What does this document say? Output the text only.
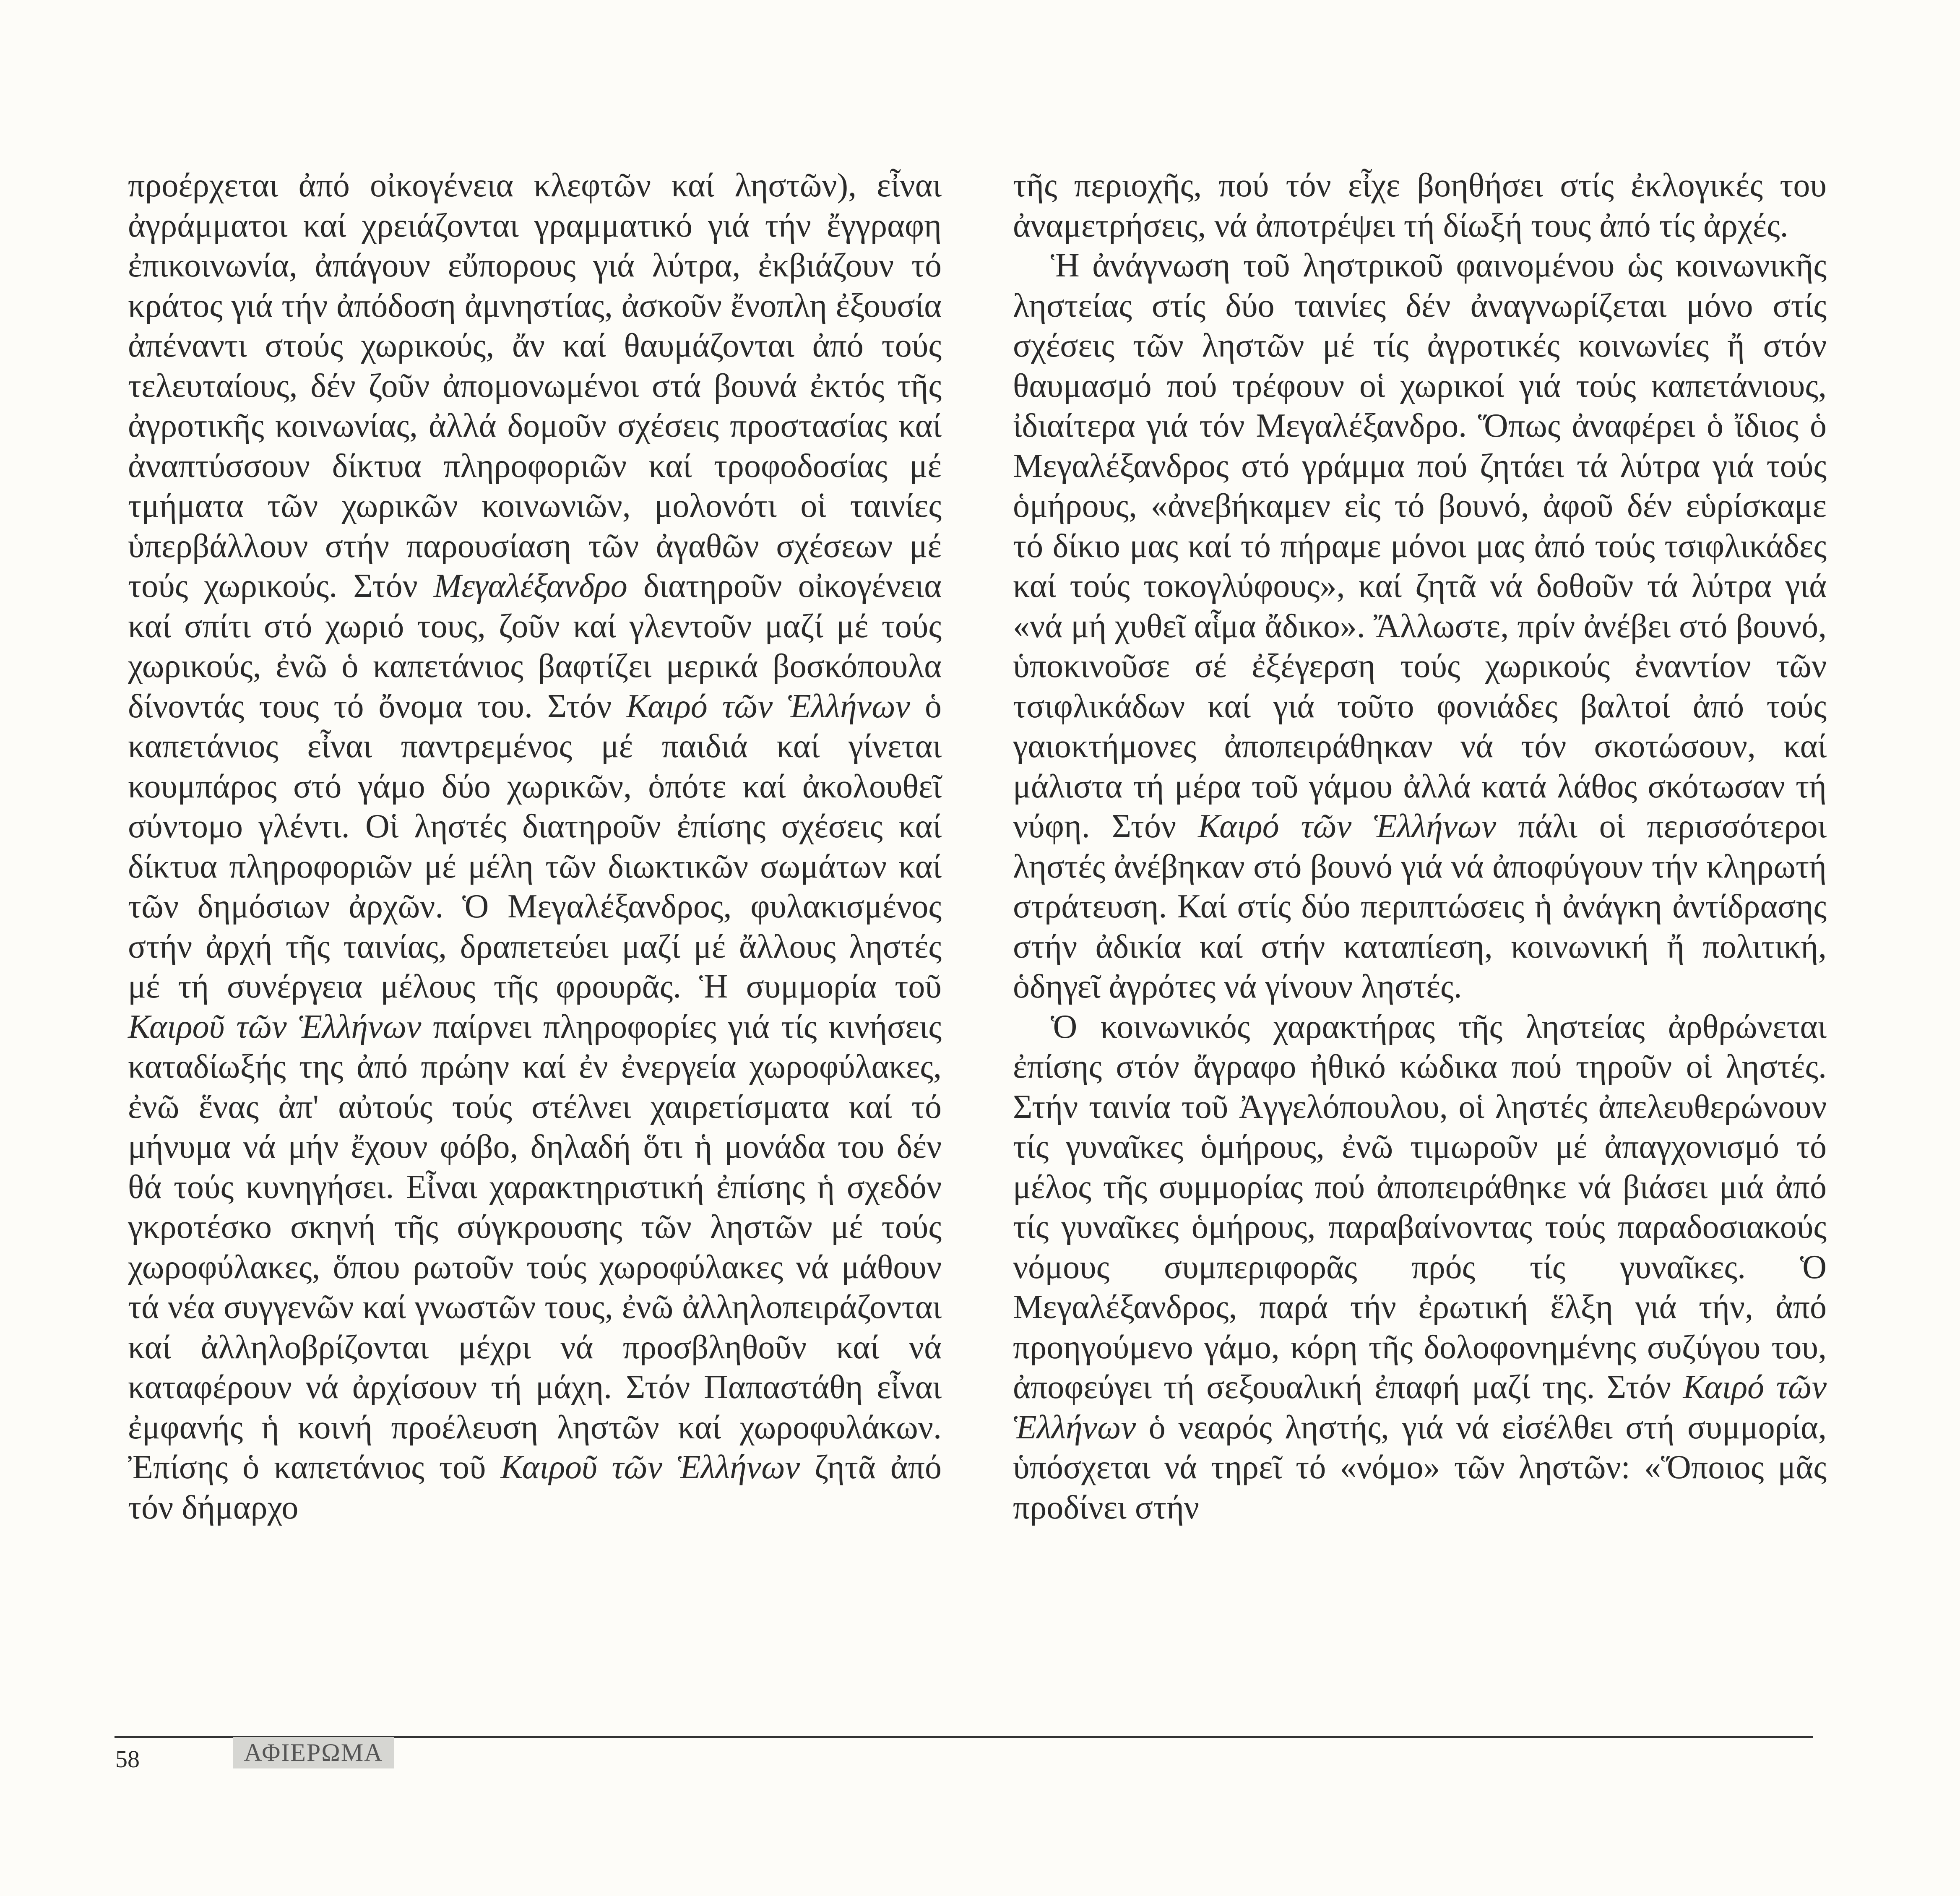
προέρχεται ἀπό οἰκογένεια κλεφτῶν καί ληστῶν), εἶναι ἀγράμματοι καί χρειάζονται γραμματικό γιά τήν ἔγγραφη ἐπικοινωνία, ἀπάγουν εὔπορους γιά λύτρα, ἐκβιάζουν τό κράτος γιά τήν ἀπόδοση ἀμνηστίας, ἀσκοῦν ἔνοπλη ἐξουσία ἀπέναντι στούς χωρικούς, ἄν καί θαυμάζονται ἀπό τούς τελευταίους, δέν ζοῦν ἀπομονωμένοι στά βουνά ἐκτός τῆς ἀγροτικῆς κοινωνίας, ἀλλά δομοῦν σχέσεις προστασίας καί ἀναπτύσσουν δίκτυα πληροφοριῶν καί τροφοδοσίας μέ τμήματα τῶν χωρικῶν κοινωνιῶν, μολονότι οἱ ταινίες ὑπερβάλλουν στήν παρουσίαση τῶν ἀγαθῶν σχέσεων μέ τούς χωρικούς. Στόν Μεγαλέξανδρο διατηροῦν οἰκογένεια καί σπίτι στό χωριό τους, ζοῦν καί γλεντοῦν μαζί μέ τούς χωρικούς, ἐνῶ ὁ καπετάνιος βαφτίζει μερικά βοσκόπουλα δίνοντάς τους τό ὄνομα του. Στόν Καιρό τῶν Ἑλλήνων ὁ καπετάνιος εἶναι παντρεμένος μέ παιδιά καί γίνεται κουμπάρος στό γάμο δύο χωρικῶν, ὁπότε καί ἀκολουθεῖ σύντομο γλέντι. Οἱ ληστές διατηροῦν ἐπίσης σχέσεις καί δίκτυα πληροφοριῶν μέ μέλη τῶν διωκτικῶν σωμάτων καί τῶν δημόσιων ἀρχῶν. Ὁ Μεγαλέξανδρος, φυλακισμένος στήν ἀρχή τῆς ταινίας, δραπετεύει μαζί μέ ἄλλους ληστές μέ τή συνέργεια μέλους τῆς φρουρᾶς. Ἡ συμμορία τοῦ Καιροῦ τῶν Ἑλλήνων παίρνει πληροφορίες γιά τίς κινήσεις καταδίωξής της ἀπό πρώην καί ἐν ἐνεργεία χωροφύλακες, ἐνῶ ἕνας ἀπ' αὐτούς τούς στέλνει χαιρετίσματα καί τό μήνυμα νά μήν ἔχουν φόβο, δηλαδή ὅτι ἡ μονάδα του δέν θά τούς κυνηγήσει. Εἶναι χαρακτηριστική ἐπίσης ἡ σχεδόν γκροτέσκο σκηνή τῆς σύγκρουσης τῶν ληστῶν μέ τούς χωροφύλακες, ὅπου ρωτοῦν τούς χωροφύλακες νά μάθουν τά νέα συγγενῶν καί γνωστῶν τους, ἐνῶ ἀλληλοπειράζονται καί ἀλληλοβρίζονται μέχρι νά προσβληθοῦν καί νά καταφέρουν νά ἀρχίσουν τή μάχη. Στόν Παπαστάθη εἶναι ἐμφανής ἡ κοινή προέλευση ληστῶν καί χωροφυλάκων. Ἐπίσης ὁ καπετάνιος τοῦ Καιροῦ τῶν Ἑλλήνων ζητᾶ ἀπό τόν δήμαρχο

τῆς περιοχῆς, πού τόν εἶχε βοηθήσει στίς ἐκλογικές του ἀναμετρήσεις, νά ἀποτρέψει τή δίωξή τους ἀπό τίς ἀρχές.

Ἡ ἀνάγνωση τοῦ ληστρικοῦ φαινομένου ὡς κοινωνικῆς ληστείας στίς δύο ταινίες δέν ἀναγνωρίζεται μόνο στίς σχέσεις τῶν ληστῶν μέ τίς ἀγροτικές κοινωνίες ἤ στόν θαυμασμό πού τρέφουν οἱ χωρικοί γιά τούς καπετάνιους, ἰδιαίτερα γιά τόν Μεγαλέξανδρο. Ὅπως ἀναφέρει ὁ ἴδιος ὁ Μεγαλέξανδρος στό γράμμα πού ζητάει τά λύτρα γιά τούς ὁμήρους, «ἀνεβήκαμεν εἰς τό βουνό, ἀφοῦ δέν εὑρίσκαμε τό δίκιο μας καί τό πήραμε μόνοι μας ἀπό τούς τσιφλικάδες καί τούς τοκογλύφους», καί ζητᾶ νά δοθοῦν τά λύτρα γιά «νά μή χυθεῖ αἷμα ἄδικο». Ἄλλωστε, πρίν ἀνέβει στό βουνό, ὑποκινοῦσε σέ ἐξέγερση τούς χωρικούς ἐναντίον τῶν τσιφλικάδων καί γιά τοῦτο φονιάδες βαλτοί ἀπό τούς γαιοκτήμονες ἀποπειράθηκαν νά τόν σκοτώσουν, καί μάλιστα τή μέρα τοῦ γάμου ἀλλά κατά λάθος σκότωσαν τή νύφη. Στόν Καιρό τῶν Ἑλλήνων πάλι οἱ περισσότεροι ληστές ἀνέβηκαν στό βουνό γιά νά ἀποφύγουν τήν κληρωτή στράτευση. Καί στίς δύο περιπτώσεις ἡ ἀνάγκη ἀντίδρασης στήν ἀδικία καί στήν καταπίεση, κοινωνική ἤ πολιτική, ὁδηγεῖ ἀγρότες νά γίνουν ληστές.

Ὁ κοινωνικός χαρακτήρας τῆς ληστείας ἀρθρώνεται ἐπίσης στόν ἄγραφο ἠθικό κώδικα πού τηροῦν οἱ ληστές. Στήν ταινία τοῦ Ἀγγελόπουλου, οἱ ληστές ἀπελευθερώνουν τίς γυναῖκες ὁμήρους, ἐνῶ τιμωροῦν μέ ἀπαγχονισμό τό μέλος τῆς συμμορίας πού ἀποπειράθηκε νά βιάσει μιά ἀπό τίς γυναῖκες ὁμήρους, παραβαίνοντας τούς παραδοσιακούς νόμους συμπεριφορᾶς πρός τίς γυναῖκες. Ὁ Μεγαλέξανδρος, παρά τήν ἐρωτική ἕλξη γιά τήν, ἀπό προηγούμενο γάμο, κόρη τῆς δολοφονημένης συζύγου του, ἀποφεύγει τή σεξουαλική ἐπαφή μαζί της. Στόν Καιρό τῶν Ἑλλήνων ὁ νεαρός ληστής, γιά νά εἰσέλθει στή συμμορία, ὑπόσχεται νά τηρεῖ τό «νόμο» τῶν ληστῶν: «Ὅποιος μᾶς προδίνει στήν

58	ΑΦΙΕΡΩΜΑ
